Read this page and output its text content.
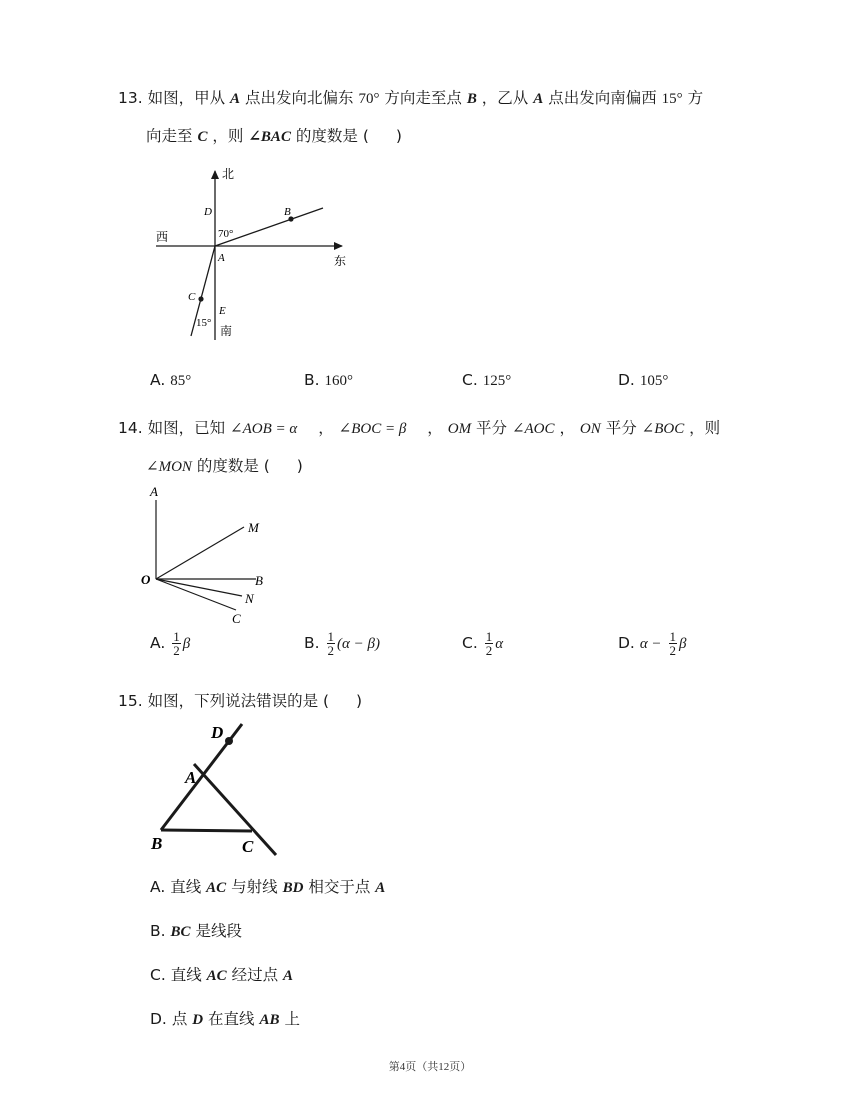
13. 如图，甲从 A 点出发向北偏东 70° 方向走至点 B ，乙从 A 点出发向南偏西 15° 方
向走至 C ，则 ∠BAC 的度数是 ( )
北
西
东
南
D	B
A
C
E
70°
15°
A. 85°	B. 160°	C. 125°	D. 105°
14. 如图，已知 ∠AOB = α ， ∠BOC = β ， OM 平分 ∠AOC ， ON 平分 ∠BOC ，则
∠MON 的度数是 ( )
A
M
O	B
N
C
A. $\frac{1}{2}$ β	B. $\frac{1}{2} (\alpha - \beta)$	C. $\frac{1}{2}$ α	D. $\alpha - \frac{1}{2}$ β
15. 如图，下列说法错误的是 ( )
D
A
B	C
A. 直线 AC 与射线 BD 相交于点 A
B. BC 是线段
C. 直线 AC 经过点 A
D. 点 D 在直线 AB 上
第4页（共12页）
